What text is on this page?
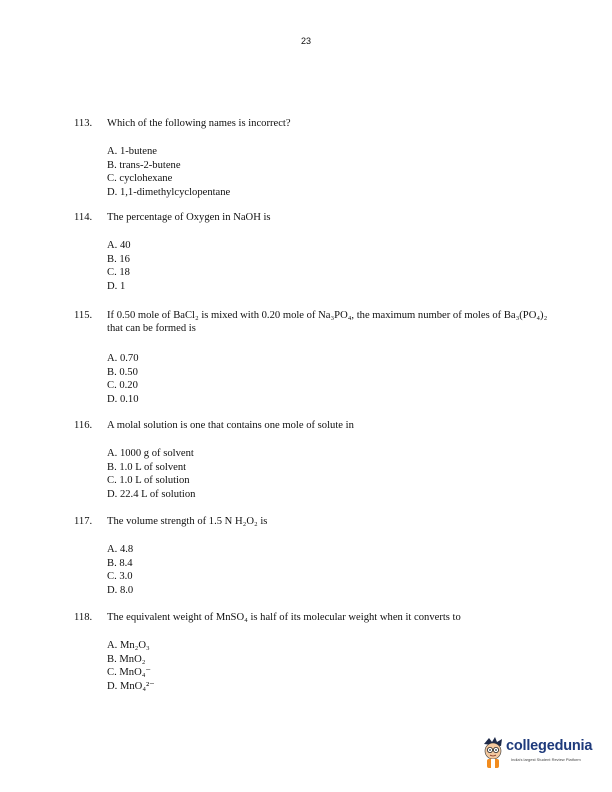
23
113.	Which of the following names is incorrect?
A. 1-butene
B. trans-2-butene
C. cyclohexane
D. 1,1-dimethylcyclopentane
114.	The percentage of Oxygen in NaOH is
A. 40
B. 16
C. 18
D. 1
115.	If 0.50 mole of BaCl₂ is mixed with 0.20 mole of Na₃PO₄, the maximum number of moles of Ba₃(PO₄)₂ that can be formed is
A. 0.70
B. 0.50
C. 0.20
D. 0.10
116.	A molal solution is one that contains one mole of solute in
A. 1000 g of solvent
B. 1.0 L of solvent
C. 1.0 L of solution
D. 22.4 L of solution
117.	The volume strength of 1.5 N H₂O₂ is
A. 4.8
B. 8.4
C. 3.0
D. 8.0
118.	The equivalent weight of MnSO₄ is half of its molecular weight when it converts to
A. Mn₂O₃
B. MnO₂
C. MnO₄⁻
D. MnO₄²⁻
collegedunia
India's largest Student Review Platform
